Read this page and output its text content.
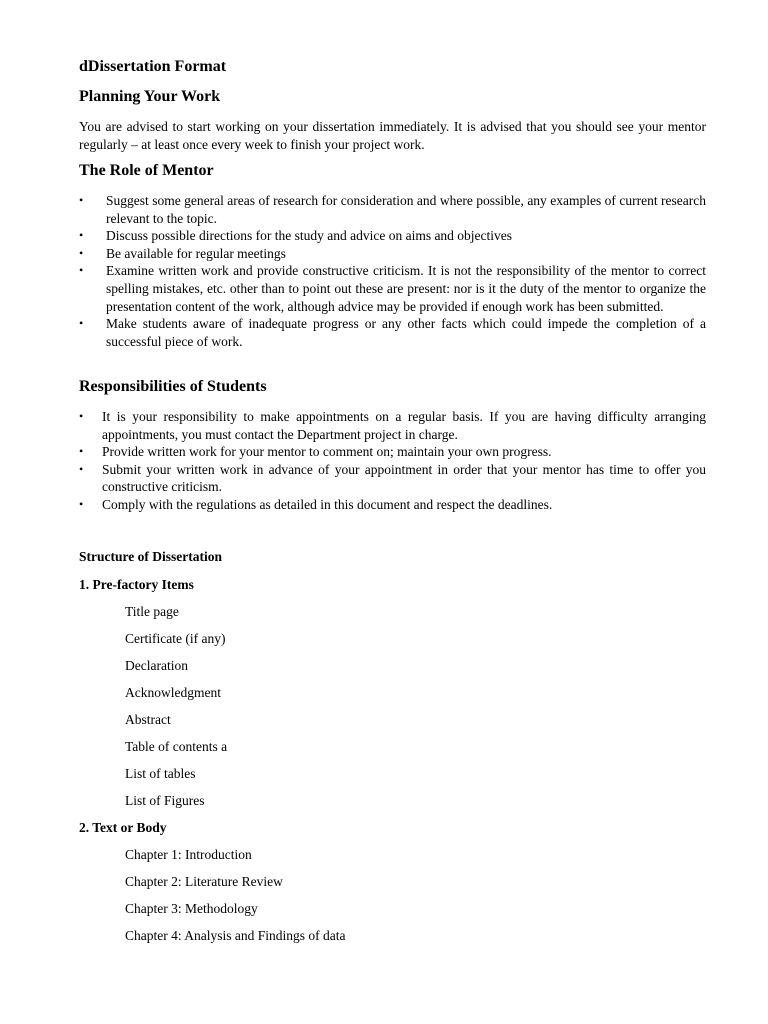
dDissertation Format
Planning Your Work
You are advised to start working on your dissertation immediately. It is advised that you should see your mentor regularly – at least once every week to finish your project work.
The Role of Mentor
• Suggest some general areas of research for consideration and where possible, any examples of current research relevant to the topic.
• Discuss possible directions for the study and advice on aims and objectives
• Be available for regular meetings
• Examine written work and provide constructive criticism. It is not the responsibility of the mentor to correct spelling mistakes, etc. other than to point out these are present: nor is it the duty of the mentor to organize the presentation content of the work, although advice may be provided if enough work has been submitted.
• Make students aware of inadequate progress or any other facts which could impede the completion of a successful piece of work.
Responsibilities of Students
• It is your responsibility to make appointments on a regular basis. If you are having difficulty arranging appointments, you must contact the Department project in charge.
• Provide written work for your mentor to comment on; maintain your own progress.
• Submit your written work in advance of your appointment in order that your mentor has time to offer you constructive criticism.
• Comply with the regulations as detailed in this document and respect the deadlines.
Structure of Dissertation
1. Pre-factory Items
Title page
Certificate (if any)
Declaration
Acknowledgment
Abstract
Table of contents a
List of tables
List of Figures
2. Text or Body
Chapter 1: Introduction
Chapter 2: Literature Review
Chapter 3: Methodology
Chapter 4: Analysis and Findings of data
